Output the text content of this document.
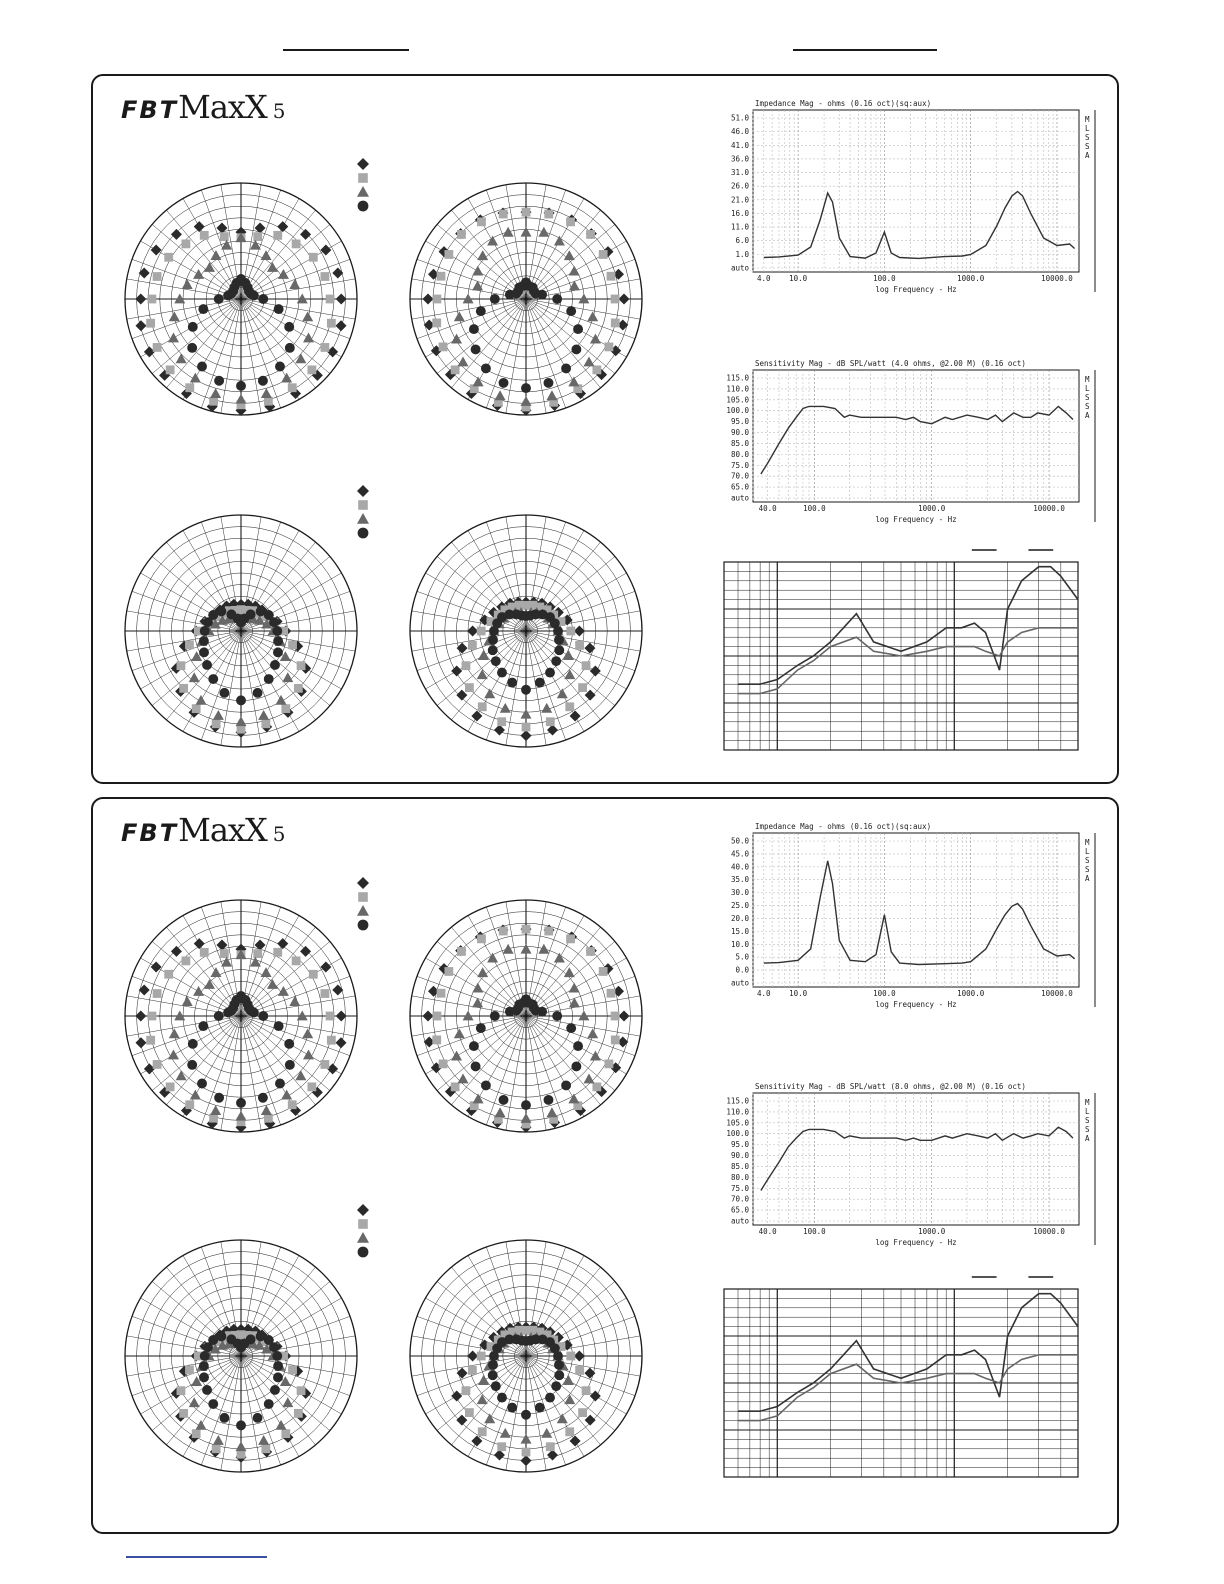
FBTMaxX 5	Impedance Mag - ohms (0.16 oct)(sq:aux)
51.0
46.0
41.0
36.0
31.0
26.0
21.0
16.0
11.0
6.0
1.0
auto
4.0 10.0	100.0	1000.0	10000.0
log Frequency - Hz
M
L
S
S
A
Sensitivity Mag - dB SPL/watt (4.0 ohms, @2.00 M) (0.16 oct)
115.0
110.0
105.0
100.0
95.0
90.0
85.0
80.0
75.0
70.0
65.0
auto
40.0	100.0	1000.0	10000.0
log Frequency - Hz
M
L
S
S
A
FBTMaxX 5	Impedance Mag - ohms (0.16 oct)(sq:aux)
50.0
45.0
40.0
35.0
30.0
25.0
20.0
15.0
10.0
5.0
0.0
auto
4.0 10.0	100.0	1000.0	10000.0
log Frequency - Hz
M
L
S
S
A
Sensitivity Mag - dB SPL/watt (8.0 ohms, @2.00 M) (0.16 oct)
115.0
110.0
105.0
100.0
95.0
90.0
85.0
80.0
75.0
70.0
65.0
auto
40.0	100.0	1000.0	10000.0
log Frequency - Hz
M
L
S
S
A
